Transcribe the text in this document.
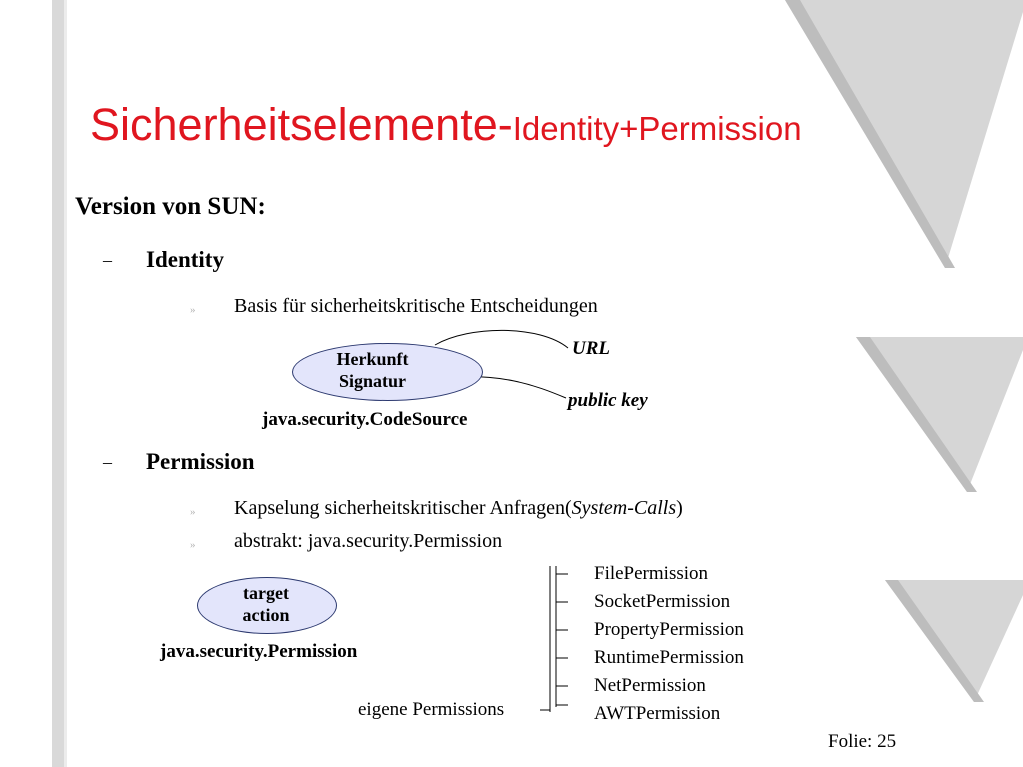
Sicherheitselemente-Identity+Permission
Version von SUN:
– Identity
» Basis für sicherheitskritische Entscheidungen
Herkunft
Signatur
URL
public key
java.security.CodeSource
– Permission
» Kapselung sicherheitskritischer Anfragen(System-Calls)
» abstrakt: java.security.Permission
target
action
java.security.Permission
FilePermission
SocketPermission
PropertyPermission
RuntimePermission
NetPermission
AWTPermission
eigene Permissions
Folie: 25
